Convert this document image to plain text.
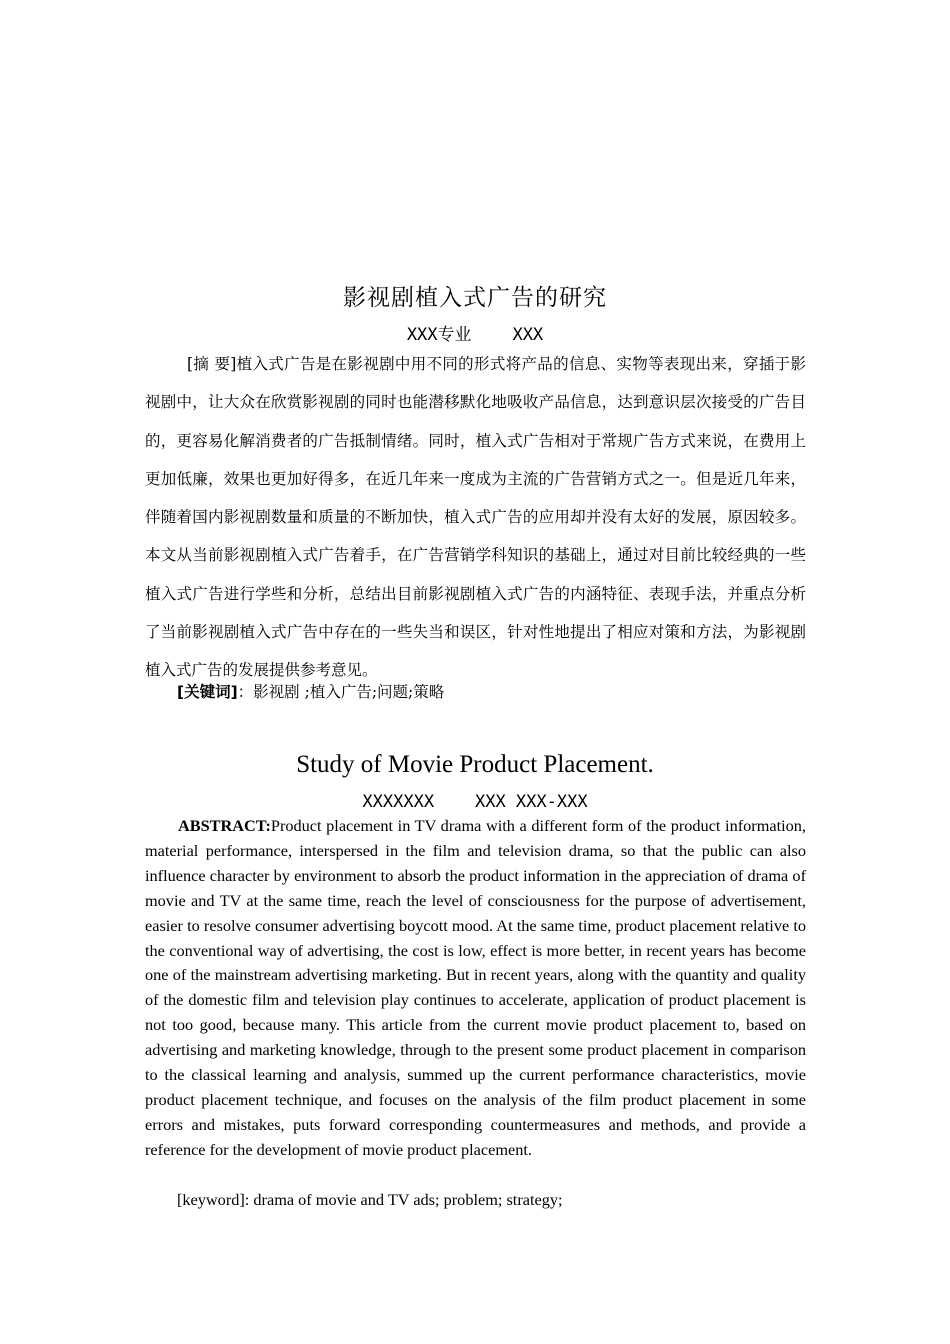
影视剧植入式广告的研究
XXX专业    XXX

[摘 要]植入式广告是在影视剧中用不同的形式将产品的信息、实物等表现出来，穿插于影视剧中，让大众在欣赏影视剧的同时也能潜移默化地吸收产品信息，达到意识层次接受的广告目的，更容易化解消费者的广告抵制情绪。同时，植入式广告相对于常规广告方式来说，在费用上更加低廉，效果也更加好得多，在近几年来一度成为主流的广告营销方式之一。但是近几年来，伴随着国内影视剧数量和质量的不断加快，植入式广告的应用却并没有太好的发展，原因较多。本文从当前影视剧植入式广告着手，在广告营销学科知识的基础上，通过对目前比较经典的一些植入式广告进行学些和分析，总结出目前影视剧植入式广告的内涵特征、表现手法，并重点分析了当前影视剧植入式广告中存在的一些失当和误区，针对性地提出了相应对策和方法，为影视剧植入式广告的发展提供参考意见。

[关键词]：影视剧 ;植入广告;问题;策略

Study of Movie Product Placement.
XXXXXXX    XXX XXX-XXX

ABSTRACT:Product placement in TV drama with a different form of the product information, material performance, interspersed in the film and television drama, so that the public can also influence character by environment to absorb the product information in the appreciation of drama of movie and TV at the same time, reach the level of consciousness for the purpose of advertisement, easier to resolve consumer advertising boycott mood. At the same time, product placement relative to the conventional way of advertising, the cost is low, effect is more better, in recent years has become one of the mainstream advertising marketing. But in recent years, along with the quantity and quality of the domestic film and television play continues to accelerate, application of product placement is not too good, because many. This article from the current movie product placement to, based on advertising and marketing knowledge, through to the present some product placement in comparison to the classical learning and analysis, summed up the current performance characteristics, movie product placement technique, and focuses on the analysis of the film product placement in some errors and mistakes, puts forward corresponding countermeasures and methods, and provide a reference for the development of movie product placement.

[keyword]: drama of movie and TV ads; problem; strategy;
